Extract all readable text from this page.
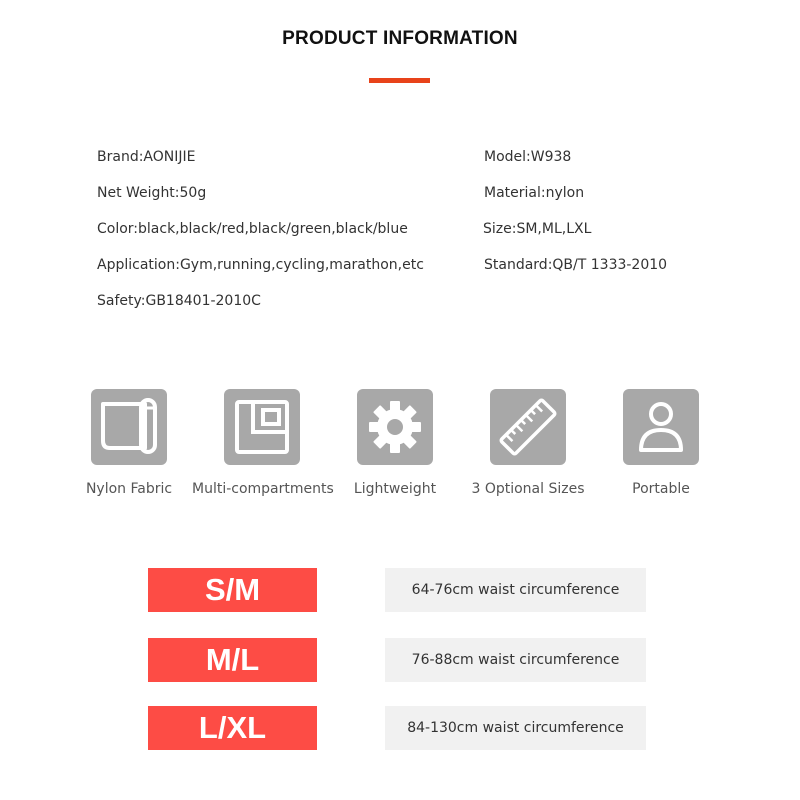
PRODUCT INFORMATION
Brand:AONIJIE
Net Weight:50g
Color:black,black/red,black/green,black/blue
Application:Gym,running,cycling,marathon,etc
Safety:GB18401-2010C
Model:W938
Material:nylon
Size:SM,ML,LXL
Standard:QB/T 1333-2010
Nylon Fabric	Multi-compartments	Lightweight	3 Optional Sizes	Portable
S/M	64-76cm waist circumference
M/L	76-88cm waist circumference
L/XL	84-130cm waist circumference
